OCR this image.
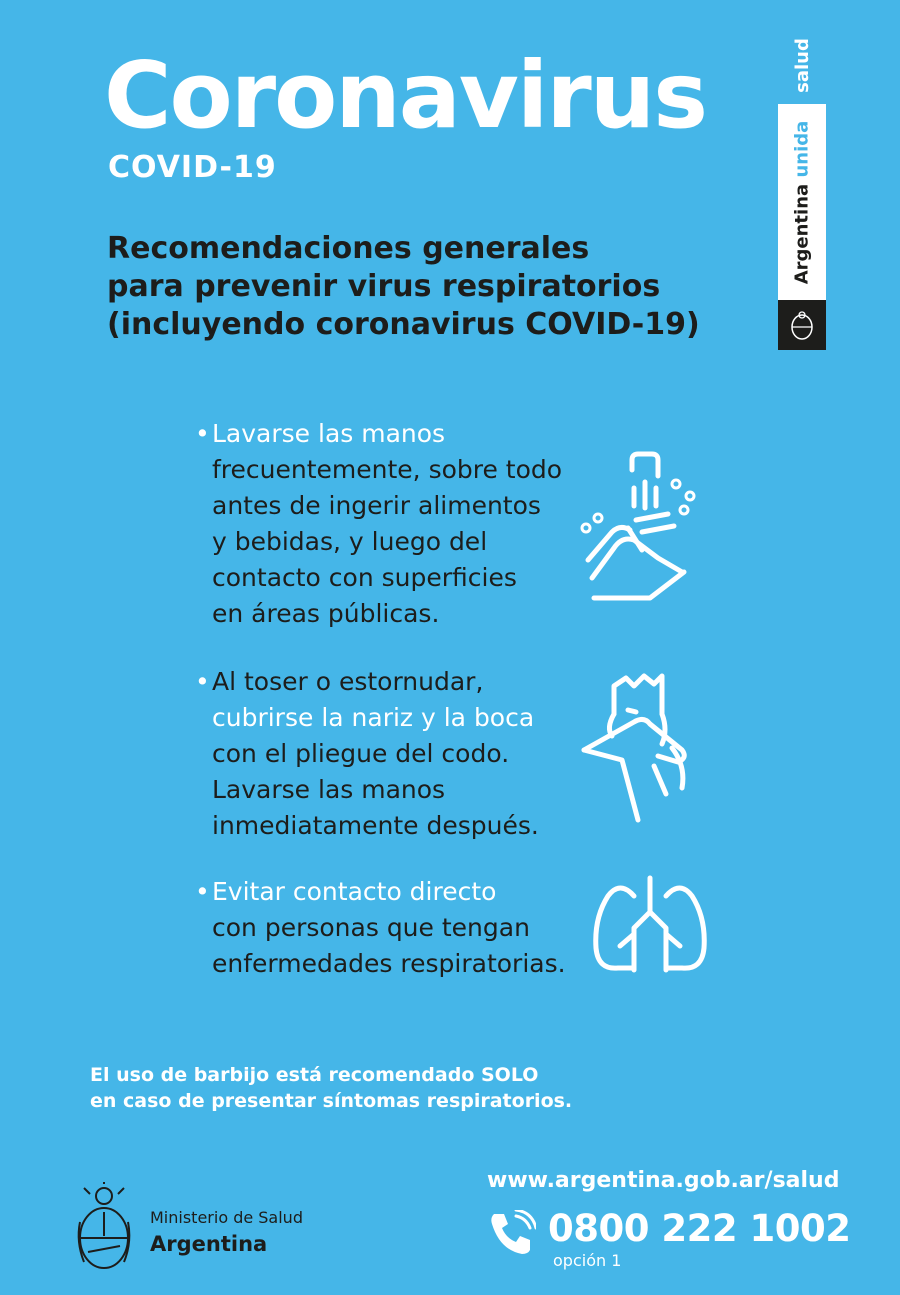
Coronavirus
COVID-19
Recomendaciones generales
para prevenir virus respiratorios
(incluyendo coronavirus COVID-19)
salud
Argentina unida
• Lavarse las manos
frecuentemente, sobre todo
antes de ingerir alimentos
y bebidas, y luego del
contacto con superficies
en áreas públicas.
• Al toser o estornudar,
cubrirse la nariz y la boca
con el pliegue del codo.
Lavarse las manos
inmediatamente después.
• Evitar contacto directo
con personas que tengan
enfermedades respiratorias.
El uso de barbijo está recomendado SOLO
en caso de presentar síntomas respiratorios.
Ministerio de Salud
Argentina
www.argentina.gob.ar/salud
0800 222 1002
opción 1
